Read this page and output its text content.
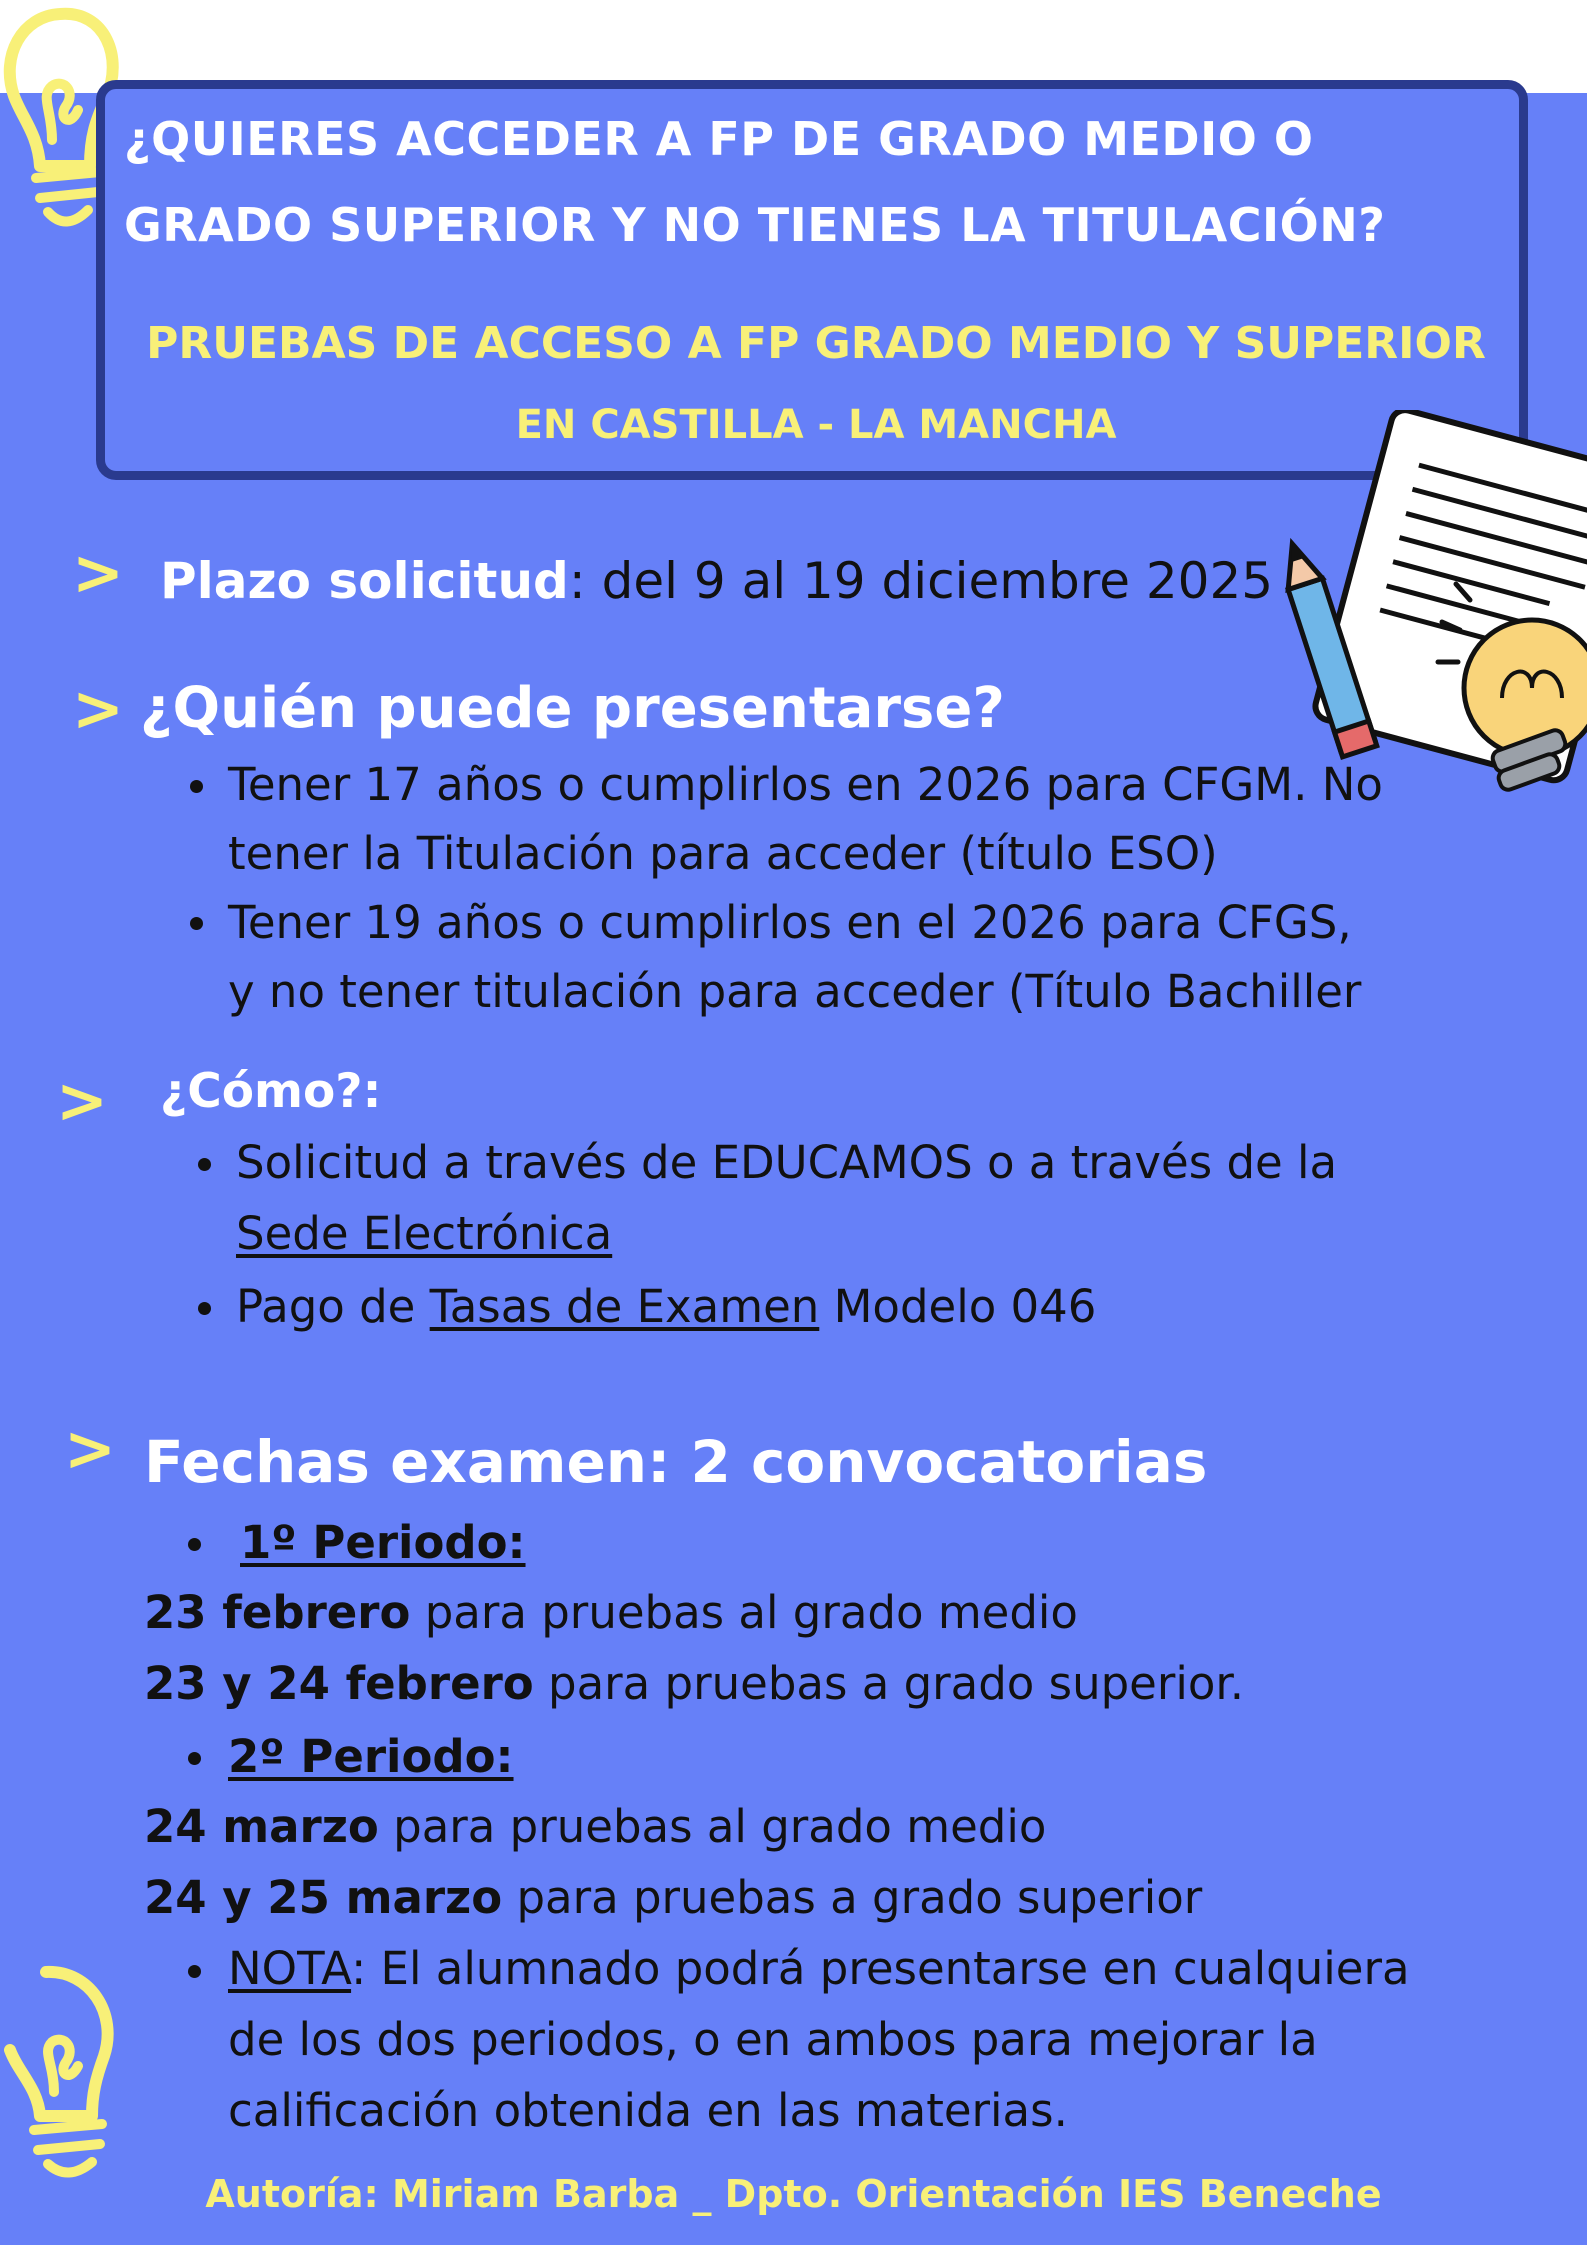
¿QUIERES ACCEDER A FP DE GRADO MEDIO O
GRADO SUPERIOR Y NO TIENES LA TITULACIÓN?
PRUEBAS DE ACCESO A FP GRADO MEDIO Y SUPERIOR
EN CASTILLA - LA MANCHA
> Plazo solicitud: del 9 al 19 diciembre 2025
> ¿Quién puede presentarse?
Tener 17 años o cumplirlos en 2026 para CFGM. No
tener la Titulación para acceder (título ESO)
Tener 19 años o cumplirlos en el 2026 para CFGS,
y no tener titulación para acceder (Título Bachiller
> ¿Cómo?:
Solicitud a través de EDUCAMOS o a través de la
Sede Electrónica
Pago de Tasas de Examen Modelo 046
> Fechas examen: 2 convocatorias
1º Periodo:
23 febrero para pruebas al grado medio
23 y 24 febrero para pruebas a grado superior.
2º Periodo:
24 marzo para pruebas al grado medio
24 y 25 marzo para pruebas a grado superior
NOTA: El alumnado podrá presentarse en cualquiera
de los dos periodos, o en ambos para mejorar la
calificación obtenida en las materias.
Autoría: Miriam Barba _ Dpto. Orientación IES Beneche
